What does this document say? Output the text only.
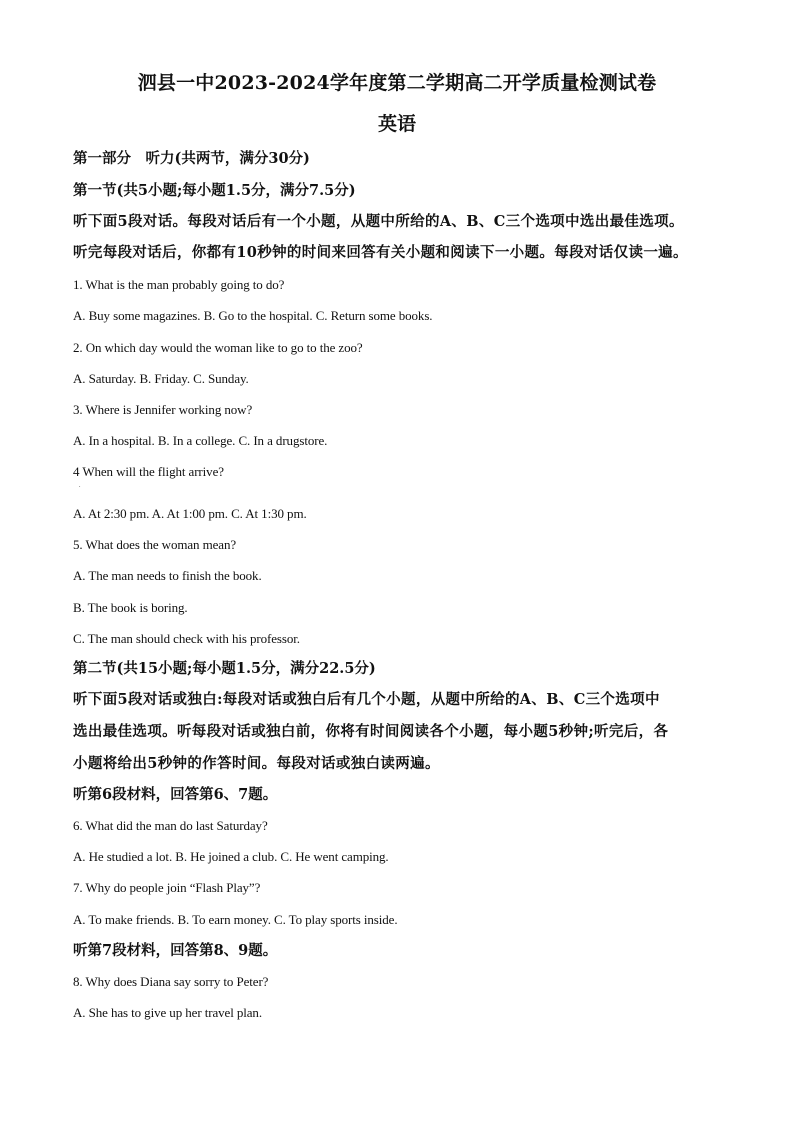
泗县一中2023-2024学年度第二学期高二开学质量检测试卷
英语
第一部分　听力(共两节，满分30分)
第一节(共5小题;每小题1.5分，满分7.5分)
听下面5段对话。每段对话后有一个小题，从题中所给的A、B、C三个选项中选出最佳选项。
听完每段对话后，你都有10秒钟的时间来回答有关小题和阅读下一小题。每段对话仅读一遍。
1. What is the man probably going to do?
A. Buy some magazines. B. Go to the hospital. C. Return some books.
2. On which day would the woman like to go to the zoo?
A. Saturday. B. Friday. C. Sunday.
3. Where is Jennifer working now?
A. In a hospital. B. In a college. C. In a drugstore.
4 When will the flight arrive?
.
A. At 2:30 pm. A. At 1:00 pm. C. At 1:30 pm.
5. What does the woman mean?
A. The man needs to finish the book.
B. The book is boring.
C. The man should check with his professor.
第二节(共15小题;每小题1.5分，满分22.5分)
听下面5段对话或独白:每段对话或独白后有几个小题，从题中所给的A、B、C三个选项中
选出最佳选项。听每段对话或独白前，你将有时间阅读各个小题，每小题5秒钟;听完后，各
小题将给出5秒钟的作答时间。每段对话或独白读两遍。
听第6段材料，回答第6、7题。
6. What did the man do last Saturday?
A. He studied a lot. B. He joined a club. C. He went camping.
7. Why do people join “Flash Play”?
A. To make friends. B. To earn money. C. To play sports inside.
听第7段材料，回答第8、9题。
8. Why does Diana say sorry to Peter?
A. She has to give up her travel plan.
